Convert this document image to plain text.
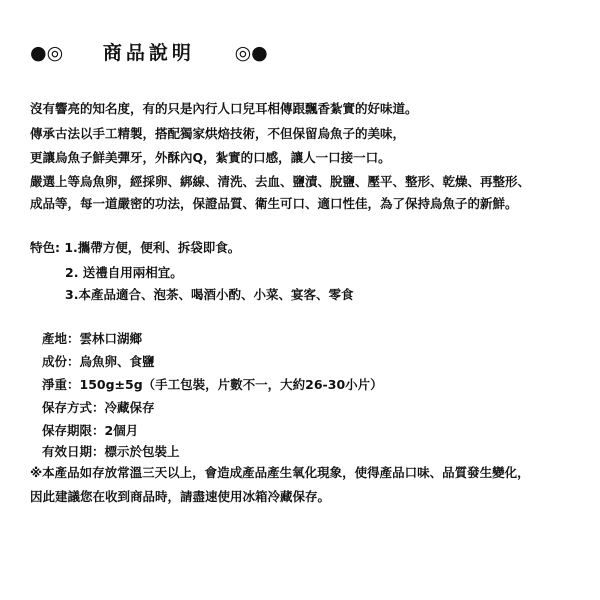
●◎ 商品說明 ◎●
沒有響亮的知名度，有的只是內行人口兒耳相傳跟飄香紮實的好味道。
傳承古法以手工精製，搭配獨家烘焙技術，不但保留烏魚子的美味，
更讓烏魚子鮮美彈牙，外酥內Q，紮實的口感，讓人一口接一口。
嚴選上等烏魚卵，經採卵、綁線、清洗、去血、鹽漬、脫鹽、壓平、整形、乾燥、再整形、
成品等，每一道嚴密的功法，保證品質、衛生可口、適口性佳，為了保持烏魚子的新鮮。
特色: 1.攜帶方便，便利、拆袋即食。
2. 送禮自用兩相宜。
3.本產品適合、泡茶、喝酒小酌、小菜、宴客、零食
產地：雲林口湖鄉
成份：烏魚卵、食鹽
淨重：150g±5g（手工包裝，片數不一，大約26-30小片）
保存方式：冷藏保存
保存期限：2個月
有效日期：標示於包裝上
※本產品如存放常溫三天以上，會造成產品產生氧化現象，使得產品口味、品質發生變化，
因此建議您在收到商品時，請盡速使用冰箱冷藏保存。
